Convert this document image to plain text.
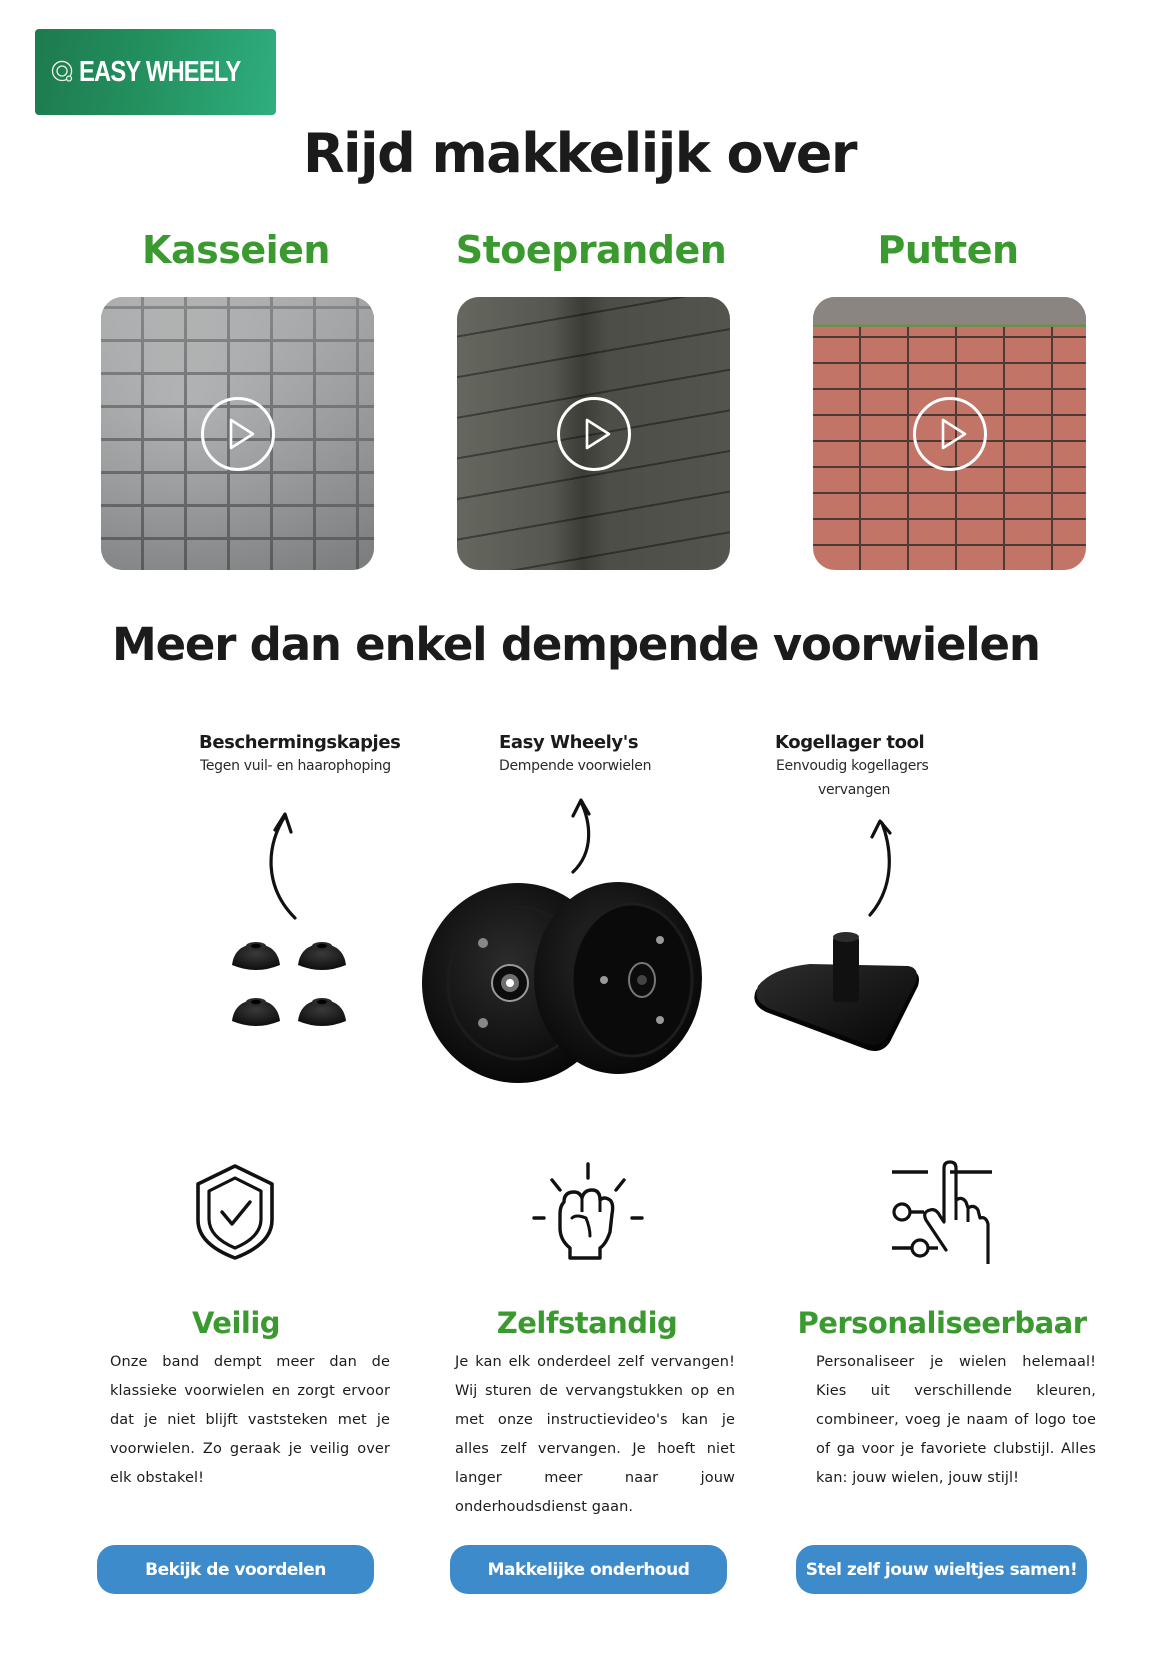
EASY WHEELY
Rijd makkelijk over
Kasseien	Stoepranden	Putten
Meer dan enkel dempende voorwielen
Beschermingskapjes
Tegen vuil- en haarophoping
Easy Wheely's
Dempende voorwielen
Kogellager tool
Eenvoudig kogellagers
vervangen
Veilig	Zelfstandig	Personaliseerbaar
Onze band dempt meer dan de klassieke voorwielen en zorgt ervoor dat je niet blijft vaststeken met je voorwielen. Zo geraak je veilig over elk obstakel!
Je kan elk onderdeel zelf vervangen! Wij sturen de vervangstukken op en met onze instructievideo's kan je alles zelf vervangen. Je hoeft niet langer meer naar jouw onderhoudsdienst gaan.
Personaliseer je wielen helemaal! Kies uit verschillende kleuren, combineer, voeg je naam of logo toe of ga voor je favoriete clubstijl. Alles kan: jouw wielen, jouw stijl!
Bekijk de voordelen	Makkelijke onderhoud	Stel zelf jouw wieltjes samen!
